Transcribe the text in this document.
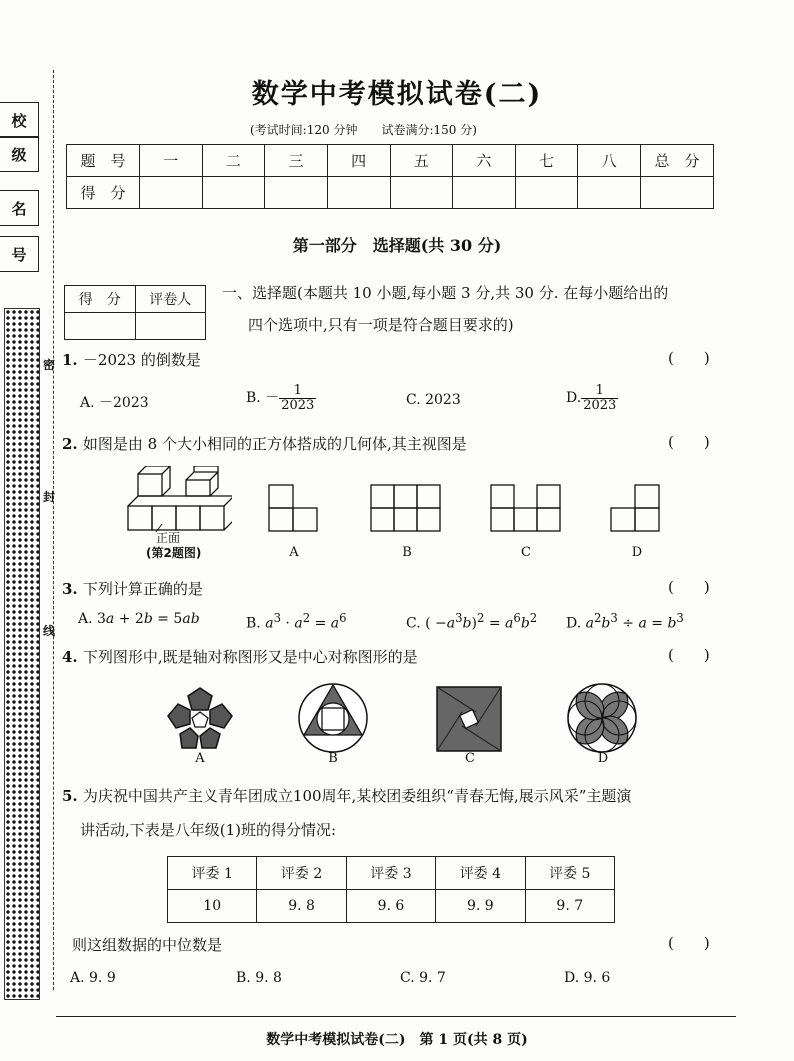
校
级
名
号
密
封
线
数学中考模拟试卷(二)
(考试时间:120 分钟　　试卷满分:150 分)
题　号	一	二	三	四	五	六	七	八	总　分
得　分									
第一部分　选择题(共 30 分)
得　分	评卷人
	一、选择题(本题共 10 小题,每小题 3 分,共 30 分. 在每小题给出的
四个选项中,只有一项是符合题目要求的)
1. －2023 的倒数是	(　　)
A. －2023	B. － $\frac{1}{2023}$	C. 2023	D. $\frac{1}{2023}$
2. 如图是由 8 个大小相同的正方体搭成的几何体,其主视图是	(　　)
正面
(第2题图)	A	B	C	D
3. 下列计算正确的是	(　　)
A. 3a + 2b = 5ab	B. $a^3 \cdot a^2 = a^6$	C. ( $-a^3b)^2 = a^6b^2$ D. $a^2b^3 \div a = b^3$
4. 下列图形中,既是轴对称图形又是中心对称图形的是	(　　)
A	B	C	D
5. 为庆祝中国共产主义青年团成立100周年,某校团委组织“青春无悔,展示风采”主题演
讲活动,下表是八年级(1)班的得分情况:
评委 1	评委 2	评委 3	评委 4	评委 5
10	9. 8	9. 6	9. 9	9. 7
则这组数据的中位数是	(　　)
A. 9. 9	B. 9. 8	C. 9. 7	D. 9. 6
数学中考模拟试卷(二)　第 1 页(共 8 页)
